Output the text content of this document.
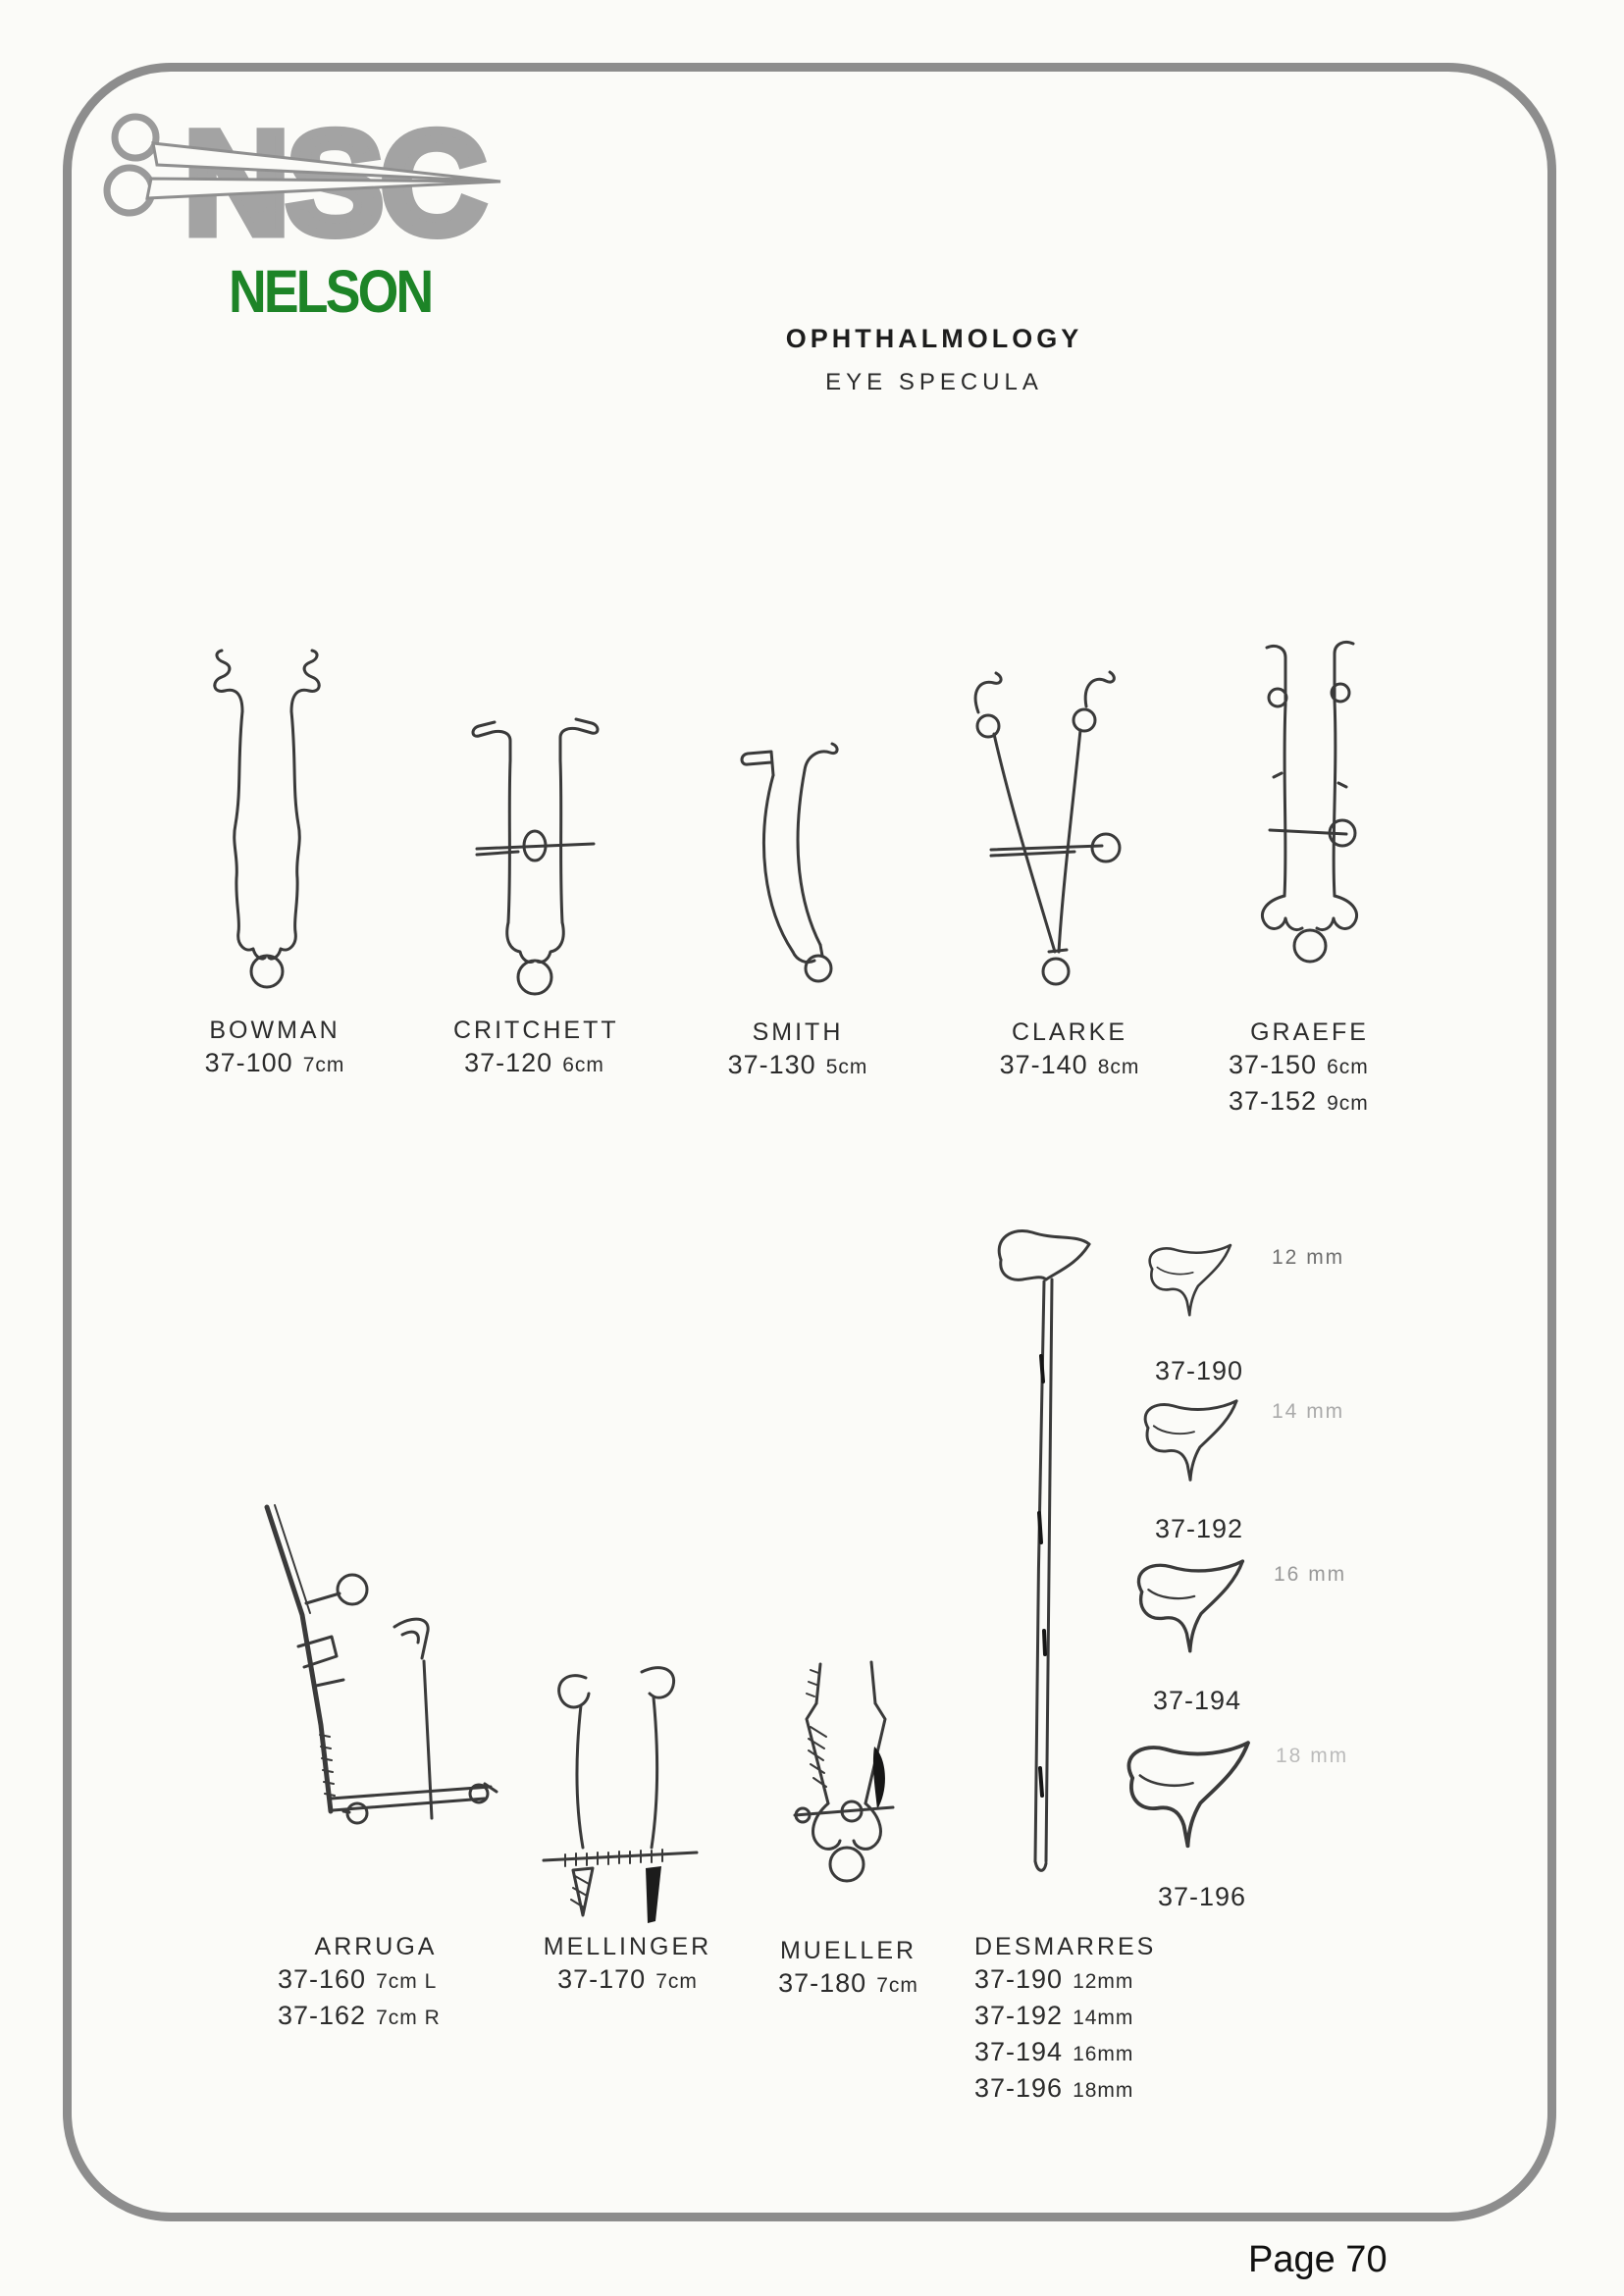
NELSON
OPHTHALMOLOGY
EYE SPECULA
BOWMAN
37-100 7cm
CRITCHETT
37-120 6cm
SMITH
37-130 5cm
CLARKE
37-140 8cm
GRAEFE
37-150 6cm
37-152 9cm
37-190
12 mm
37-192
14 mm
37-194
16 mm
37-196
18 mm
ARRUGA
37-160 7cm L
37-162 7cm R
MELLINGER
37-170 7cm
MUELLER
37-180 7cm
DESMARRES
37-190 12mm
37-192 14mm
37-194 16mm
37-196 18mm
Page 70
